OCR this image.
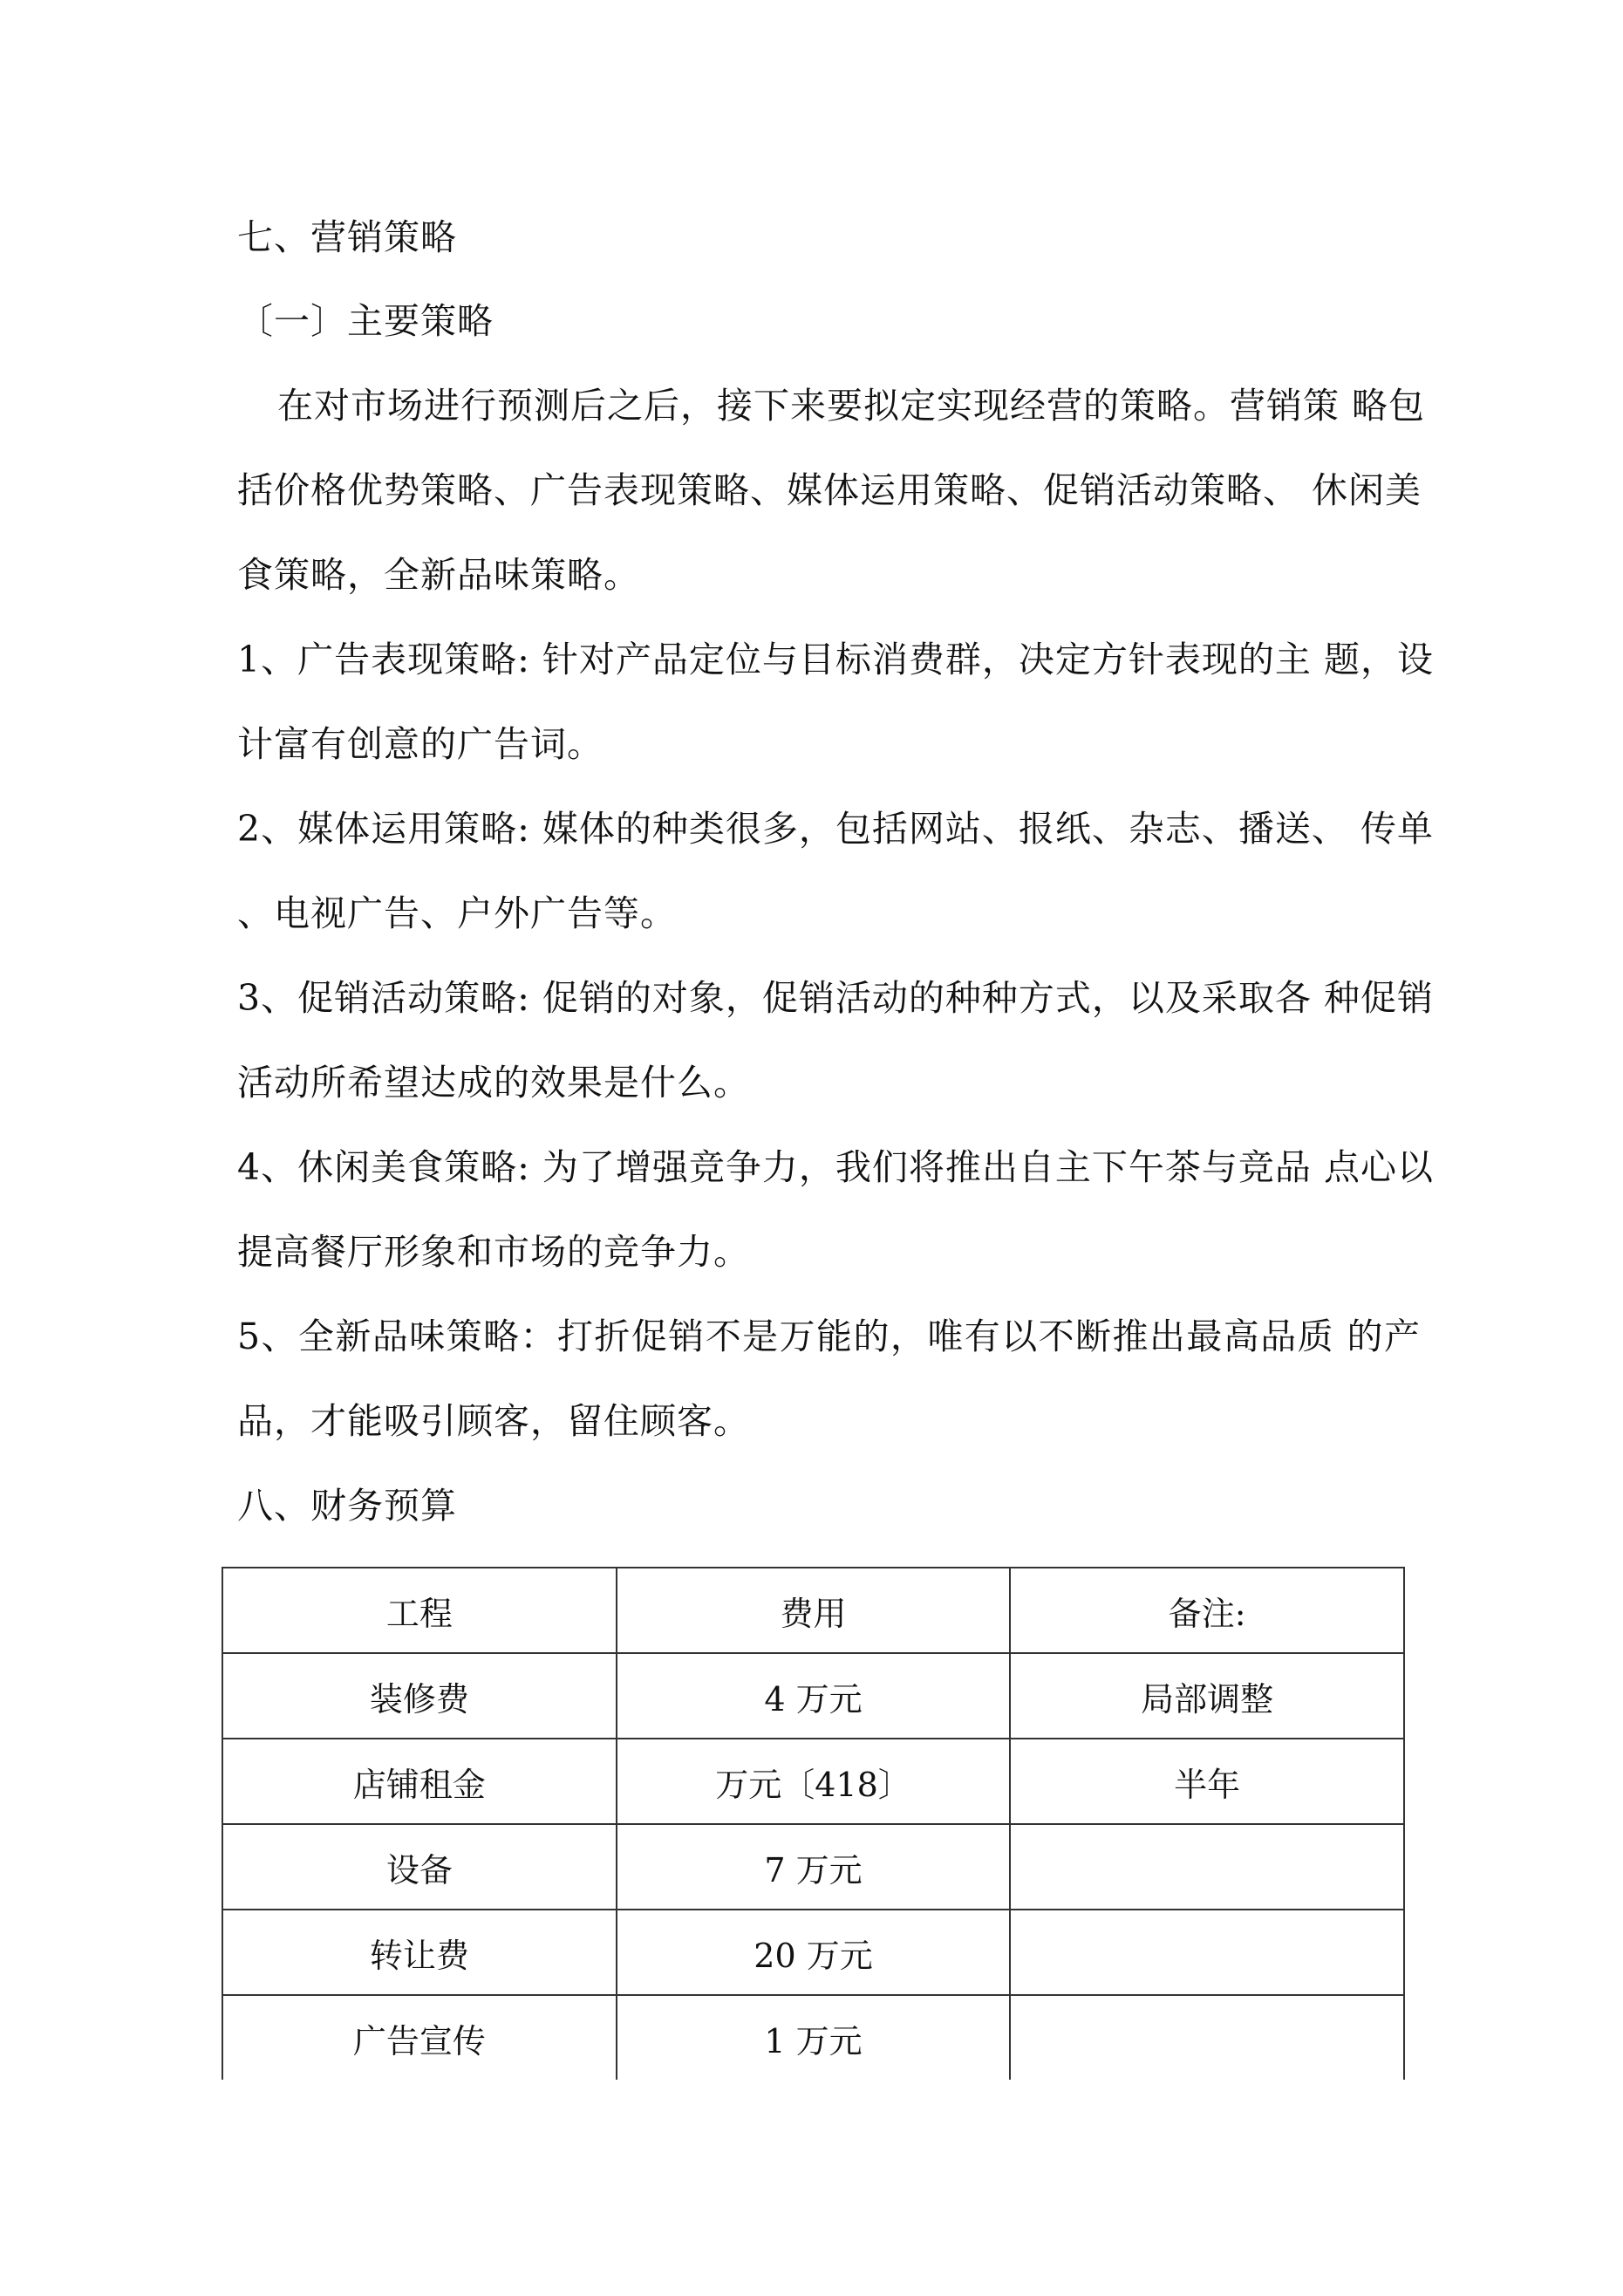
七、营销策略
〔一〕主要策略
在对市场进行预测后之后，接下来要拟定实现经营的策略。营销策 略包
括价格优势策略、广告表现策略、媒体运用策略、促销活动策略、 休闲美
食策略，全新品味策略。
1、广告表现策略: 针对产品定位与目标消费群，决定方针表现的主 题，设
计富有创意的广告词。
2、媒体运用策略: 媒体的种类很多，包括网站、报纸、杂志、播送、 传单
、电视广告、户外广告等。
3、促销活动策略: 促销的对象，促销活动的种种方式，以及采取各 种促销
活动所希望达成的效果是什么。
4、休闲美食策略: 为了增强竞争力，我们将推出自主下午茶与竞品 点心以
提高餐厅形象和市场的竞争力。
5、全新品味策略：打折促销不是万能的，唯有以不断推出最高品质 的产
品，才能吸引顾客，留住顾客。
八、财务预算
工程	费用	备注:
装修费	4 万元	局部调整
店铺租金	万元〔418〕	半年
设备	7 万元	
转让费	20 万元	
广告宣传	1 万元	
